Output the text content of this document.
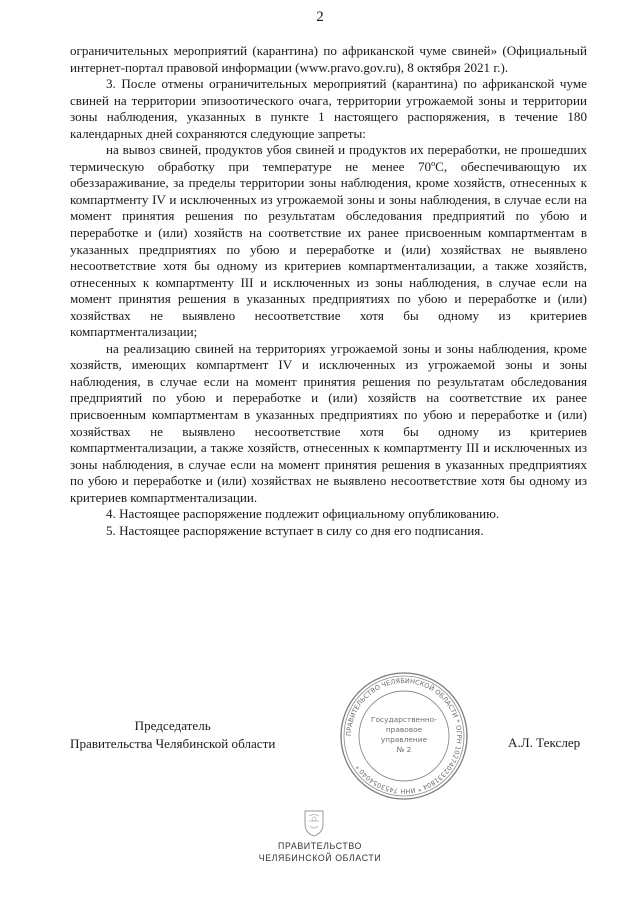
2

ограничительных мероприятий (карантина) по африканской чуме свиней» (Официальный интернет-портал правовой информации (www.pravo.gov.ru), 8 октября 2021 г.).

3. После отмены ограничительных мероприятий (карантина) по африканской чуме свиней на территории эпизоотического очага, территории угрожаемой зоны и территории зоны наблюдения, указанных в пункте 1 настоящего распоряжения, в течение 180 календарных дней сохраняются следующие запреты:

на вывоз свиней, продуктов убоя свиней и продуктов их переработки, не прошедших термическую обработку при температуре не менее 70ºС, обеспечивающую их обеззараживание, за пределы территории зоны наблюдения, кроме хозяйств, отнесенных к компартменту IV и исключенных из угрожаемой зоны и зоны наблюдения, в случае если на момент принятия решения по результатам обследования предприятий по убою и переработке и (или) хозяйств на соответствие их ранее присвоенным компартментам в указанных предприятиях по убою и переработке и (или) хозяйствах не выявлено несоответствие хотя бы одному из критериев компартментализации, а также хозяйств, отнесенных к компартменту III и исключенных из зоны наблюдения, в случае если на момент принятия решения в указанных предприятиях по убою и переработке и (или) хозяйствах не выявлено несоответствие хотя бы одному из критериев компартментализации;

на реализацию свиней на территориях угрожаемой зоны и зоны наблюдения, кроме хозяйств, имеющих компартмент IV и исключенных из угрожаемой зоны и зоны наблюдения, в случае если на момент принятия решения по результатам обследования предприятий по убою и переработке и (или) хозяйств на соответствие их ранее присвоенным компартментам в указанных предприятиях по убою и переработке и (или) хозяйствах не выявлено несоответствие хотя бы одному из критериев компартментализации, а также хозяйств, отнесенных к компартменту III и исключенных из зоны наблюдения, в случае если на момент принятия решения в указанных предприятиях по убою и переработке и (или) хозяйствах не выявлено несоответствие хотя бы одному из критериев компартментализации.

4. Настоящее распоряжение подлежит официальному опубликованию.

5. Настоящее распоряжение вступает в силу со дня его подписания.

Председатель
Правительства Челябинской области
ПРАВИТЕЛЬСТВО ЧЕЛЯБИНСКОЙ ОБЛАСТИ * ОГРН 1027402331804 * ИНН 7453054040 *
Государственно-
правовое
управление
№ 2	А.Л. Текслер
ПРАВИТЕЛЬСТВО
ЧЕЛЯБИНСКОЙ ОБЛАСТИ
